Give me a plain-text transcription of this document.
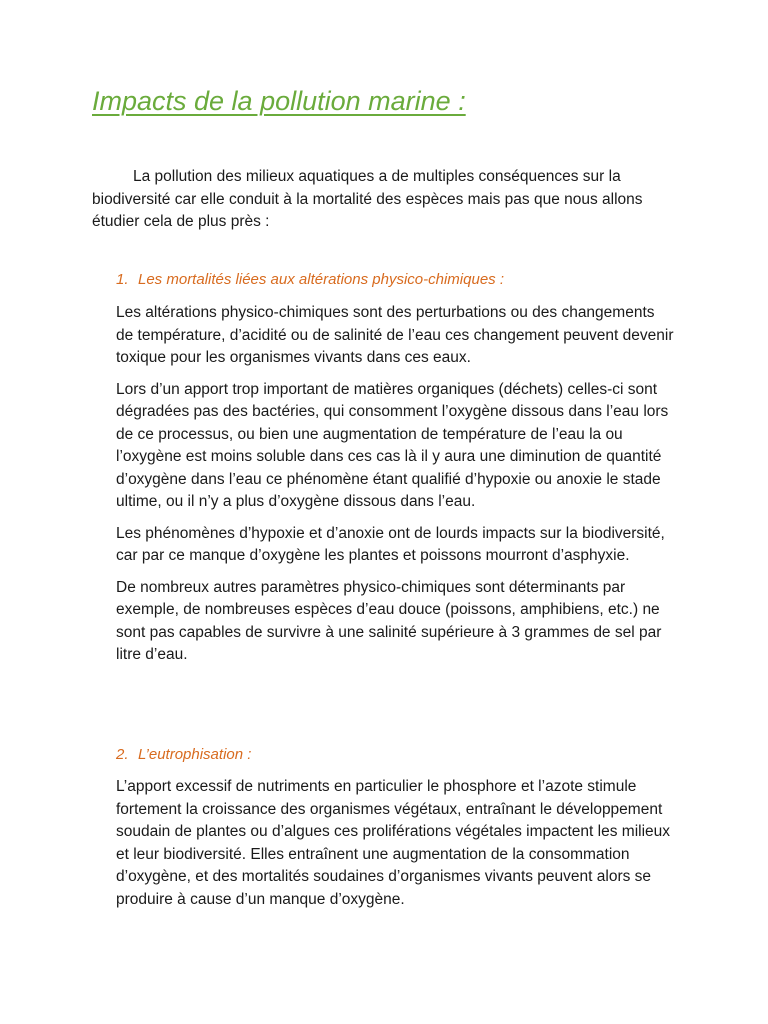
Impacts de la pollution marine :

La pollution des milieux aquatiques a de multiples conséquences sur la biodiversité car elle conduit à la mortalité des espèces mais pas que nous allons étudier cela de plus près :

1. Les mortalités liées aux altérations physico-chimiques :

Les altérations physico-chimiques sont des perturbations ou des changements de température, d’acidité ou de salinité de l’eau ces changement peuvent devenir toxique pour les organismes vivants dans ces eaux.

Lors d’un apport trop important de matières organiques (déchets) celles-ci sont dégradées pas des bactéries, qui consomment l’oxygène dissous dans l’eau lors de ce processus, ou bien une augmentation de température de l’eau la ou l’oxygène est moins soluble dans ces cas là il y aura une diminution de quantité d’oxygène dans l’eau ce phénomène étant qualifié d’hypoxie ou anoxie le stade ultime, ou il n’y a plus d’oxygène dissous dans l’eau.

Les phénomènes d’hypoxie et d’anoxie ont de lourds impacts sur la biodiversité, car par ce manque d’oxygène les plantes et poissons mourront d’asphyxie.

De nombreux autres paramètres physico-chimiques sont déterminants par exemple, de nombreuses espèces d’eau douce (poissons, amphibiens, etc.) ne sont pas capables de survivre à une salinité supérieure à 3 grammes de sel par litre d’eau.

2. L’eutrophisation :

L’apport excessif de nutriments en particulier le phosphore et l’azote stimule fortement la croissance des organismes végétaux, entraînant le développement soudain de plantes ou d’algues ces proliférations végétales impactent les milieux et leur biodiversité. Elles entraînent une augmentation de la consommation d’oxygène, et des mortalités soudaines d’organismes vivants peuvent alors se produire à cause d’un manque d’oxygène.
